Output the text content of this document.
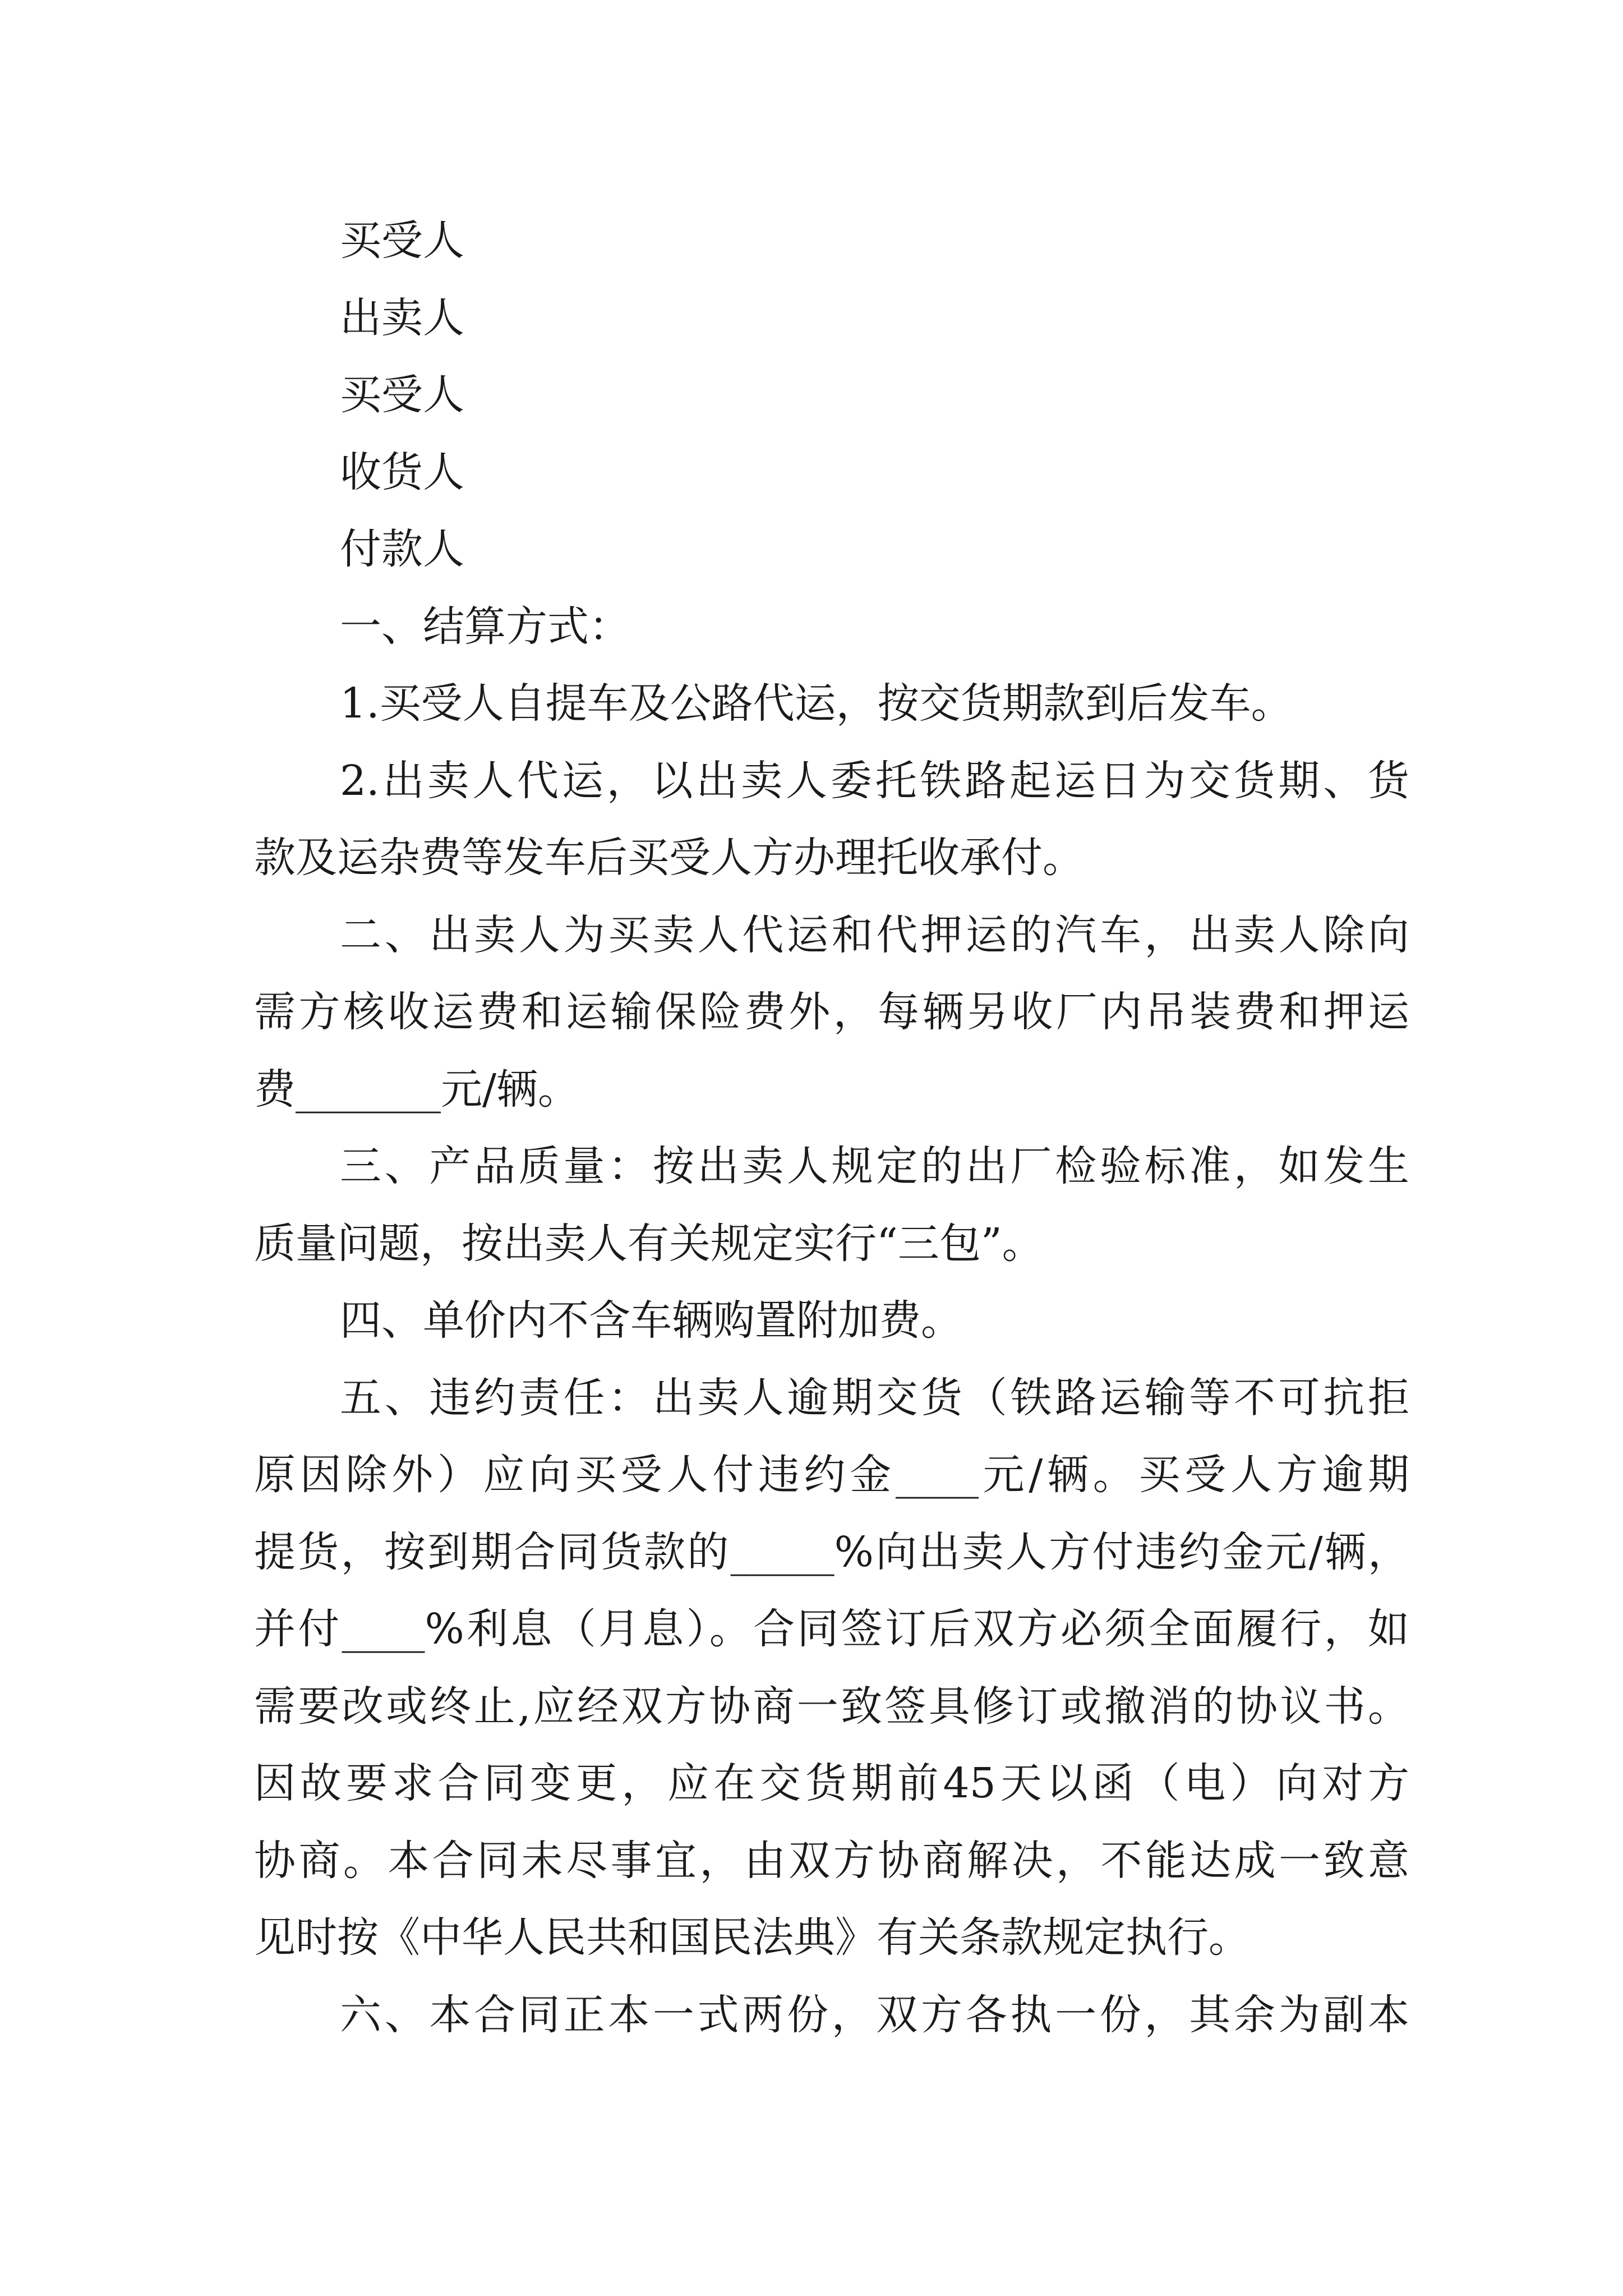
买受人
出卖人
买受人
收货人
付款人
一、结算方式：
1.买受人自提车及公路代运，按交货期款到后发车。
2.出卖人代运，以出卖人委托铁路起运日为交货期、货
款及运杂费等发车后买受人方办理托收承付。
二、出卖人为买卖人代运和代押运的汽车，出卖人除向
需方核收运费和运输保险费外，每辆另收厂内吊装费和押运
费_______元/辆。
三、产品质量：按出卖人规定的出厂检验标准，如发生
质量问题，按出卖人有关规定实行“三包”。
四、单价内不含车辆购置附加费。
五、违约责任：出卖人逾期交货（铁路运输等不可抗拒
原因除外）应向买受人付违约金____元/辆。买受人方逾期
提货，按到期合同货款的_____%向出卖人方付违约金元/辆，
并付____%利息（月息）。合同签订后双方必须全面履行，如
需要改或终止,应经双方协商一致签具修订或撤消的协议书。
因故要求合同变更，应在交货期前45天以函（电）向对方
协商。本合同未尽事宜，由双方协商解决，不能达成一致意
见时按《中华人民共和国民法典》有关条款规定执行。
六、本合同正本一式两份，双方各执一份，其余为副本
